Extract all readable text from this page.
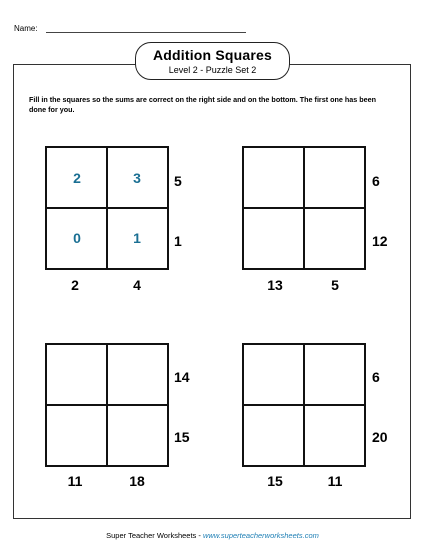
Name:
Addition Squares
Level 2 - Puzzle Set 2
Fill in the squares so the sums are correct on the right side and on the bottom. The first one has been done for you.
2	3
0	1
5
1
2	4
6
12
13	5
14
15
11	18
6
20
15	11
Super Teacher Worksheets - www.superteacherworksheets.com
